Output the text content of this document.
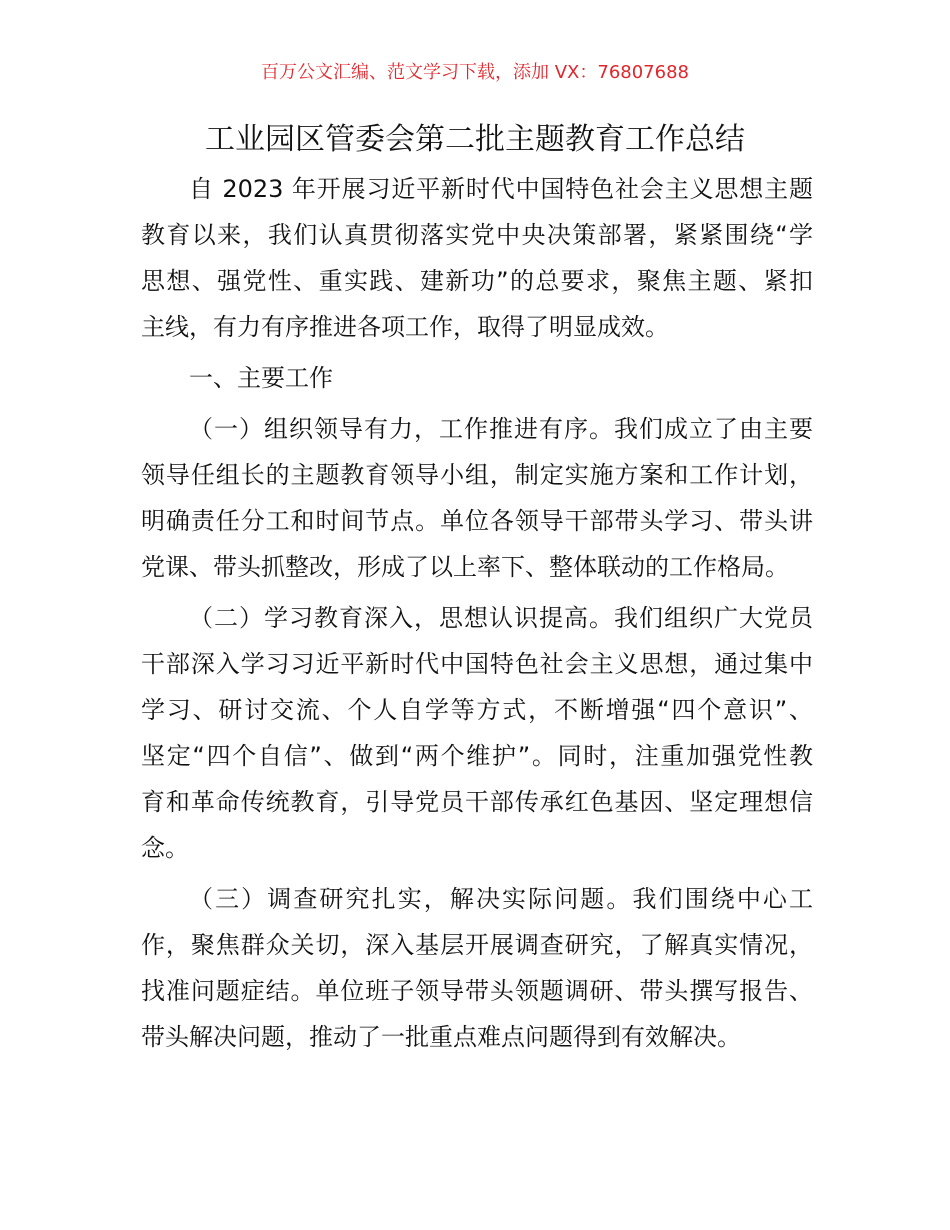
百万公文汇编、范文学习下载，添加 VX：76807688
工业园区管委会第二批主题教育工作总结
自 2023 年开展习近平新时代中国特色社会主义思想主题
教育以来，我们认真贯彻落实党中央决策部署，紧紧围绕“学
思想、强党性、重实践、建新功”的总要求，聚焦主题、紧扣
主线，有力有序推进各项工作，取得了明显成效。
一、主要工作
（一）组织领导有力，工作推进有序。我们成立了由主要
领导任组长的主题教育领导小组，制定实施方案和工作计划，
明确责任分工和时间节点。单位各领导干部带头学习、带头讲
党课、带头抓整改，形成了以上率下、整体联动的工作格局。
（二）学习教育深入，思想认识提高。我们组织广大党员
干部深入学习习近平新时代中国特色社会主义思想，通过集中
学习、研讨交流、个人自学等方式，不断增强“四个意识”、
坚定“四个自信”、做到“两个维护”。同时，注重加强党性教
育和革命传统教育，引导党员干部传承红色基因、坚定理想信
念。
（三）调查研究扎实，解决实际问题。我们围绕中心工
作，聚焦群众关切，深入基层开展调查研究，了解真实情况，
找准问题症结。单位班子领导带头领题调研、带头撰写报告、
带头解决问题，推动了一批重点难点问题得到有效解决。
